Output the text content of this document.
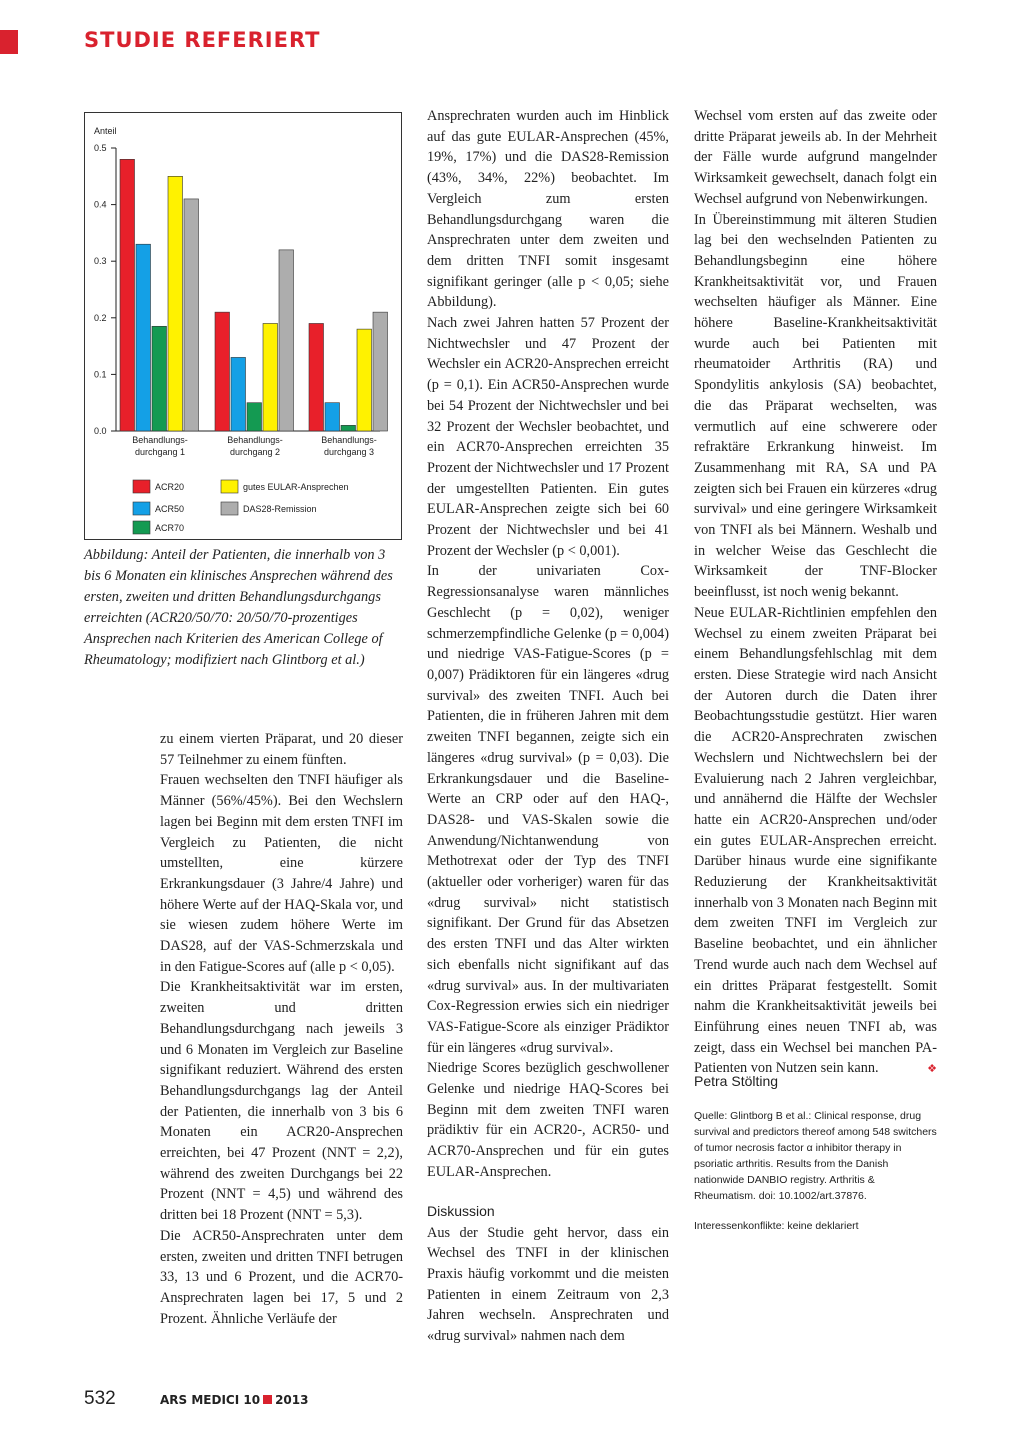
STUDIE REFERIERT
Anteil
0.0
0.1
0.2
0.3
0.4
0.5
Behandlungs-
durchgang 1
Behandlungs-
durchgang 2
Behandlungs-
durchgang 3
ACR20
ACR50
ACR70
gutes EULAR-Ansprechen
DAS28-Remission
Abbildung: Anteil der Patienten, die innerhalb von 3 bis 6 Monaten ein klinisches Ansprechen während des ersten, zweiten und dritten Behandlungsdurchgangs erreichten (ACR20/50/70: 20/50/70-prozentiges Ansprechen nach Kriterien des American College of Rheumatology; modifiziert nach Glintborg et al.)

zu einem vierten Präparat, und 20 dieser 57 Teilnehmer zu einem fünften.

Frauen wechselten den TNFI häufiger als Männer (56%/45%). Bei den Wechslern lagen bei Beginn mit dem ersten TNFI im Vergleich zu Patienten, die nicht umstellten, eine kürzere Erkrankungsdauer (3 Jahre/4 Jahre) und höhere Werte auf der HAQ-Skala vor, und sie wiesen zudem höhere Werte im DAS28, auf der VAS-Schmerzskala und in den Fatigue-Scores auf (alle p < 0,05).

Die Krankheitsaktivität war im ersten, zweiten und dritten Behandlungsdurchgang nach jeweils 3 und 6 Monaten im Vergleich zur Baseline signifikant reduziert. Während des ersten Behandlungsdurchgangs lag der Anteil der Patienten, die innerhalb von 3 bis 6 Monaten ein ACR20-Ansprechen erreichten, bei 47 Prozent (NNT = 2,2), während des zweiten Durchgangs bei 22 Prozent (NNT = 4,5) und während des dritten bei 18 Prozent (NNT = 5,3).

Die ACR50-Ansprechraten unter dem ersten, zweiten und dritten TNFI betrugen 33, 13 und 6 Prozent, und die ACR70-Ansprechraten lagen bei 17, 5 und 2 Prozent. Ähnliche Verläufe der

Ansprechraten wurden auch im Hinblick auf das gute EULAR-Ansprechen (45%, 19%, 17%) und die DAS28-Remission (43%, 34%, 22%) beobachtet. Im Vergleich zum ersten Behandlungsdurchgang waren die Ansprechraten unter dem zweiten und dem dritten TNFI somit insgesamt signifikant geringer (alle p < 0,05; siehe Abbildung).

Nach zwei Jahren hatten 57 Prozent der Nichtwechsler und 47 Prozent der Wechsler ein ACR20-Ansprechen erreicht (p = 0,1). Ein ACR50-Ansprechen wurde bei 54 Prozent der Nichtwechsler und bei 32 Prozent der Wechsler beobachtet, und ein ACR70-Ansprechen erreichten 35 Prozent der Nichtwechsler und 17 Prozent der umgestellten Patienten. Ein gutes EULAR-Ansprechen zeigte sich bei 60 Prozent der Nichtwechsler und bei 41 Prozent der Wechsler (p < 0,001).

In der univariaten Cox-Regressionsanalyse waren männliches Geschlecht (p = 0,02), weniger schmerzempfindliche Gelenke (p = 0,004) und niedrige VAS-Fatigue-Scores (p = 0,007) Prädiktoren für ein längeres «drug survival» des zweiten TNFI. Auch bei Patienten, die in früheren Jahren mit dem zweiten TNFI begannen, zeigte sich ein längeres «drug survival» (p = 0,03). Die Erkrankungsdauer und die Baseline-Werte an CRP oder auf den HAQ-, DAS28- und VAS-Skalen sowie die Anwendung/Nichtanwendung von Methotrexat oder der Typ des TNFI (aktueller oder vorheriger) waren für das «drug survival» nicht statistisch signifikant. Der Grund für das Absetzen des ersten TNFI und das Alter wirkten sich ebenfalls nicht signifikant auf das «drug survival» aus. In der multivariaten Cox-Regression erwies sich ein niedriger VAS-Fatigue-Score als einziger Prädiktor für ein längeres «drug survival».

Niedrige Scores bezüglich geschwollener Gelenke und niedrige HAQ-Scores bei Beginn mit dem zweiten TNFI waren prädiktiv für ein ACR20-, ACR50- und ACR70-Ansprechen und für ein gutes EULAR-Ansprechen.

Diskussion

Aus der Studie geht hervor, dass ein Wechsel des TNFI in der klinischen Praxis häufig vorkommt und die meisten Patienten in einem Zeitraum von 2,3 Jahren wechseln. Ansprechraten und «drug survival» nahmen nach dem

Wechsel vom ersten auf das zweite oder dritte Präparat jeweils ab. In der Mehrheit der Fälle wurde aufgrund mangelnder Wirksamkeit gewechselt, danach folgt ein Wechsel aufgrund von Nebenwirkungen.

In Übereinstimmung mit älteren Studien lag bei den wechselnden Patienten zu Behandlungsbeginn eine höhere Krankheitsaktivität vor, und Frauen wechselten häufiger als Männer. Eine höhere Baseline-Krankheitsaktivität wurde auch bei Patienten mit rheumatoider Arthritis (RA) und Spondylitis ankylosis (SA) beobachtet, die das Präparat wechselten, was vermutlich auf eine schwerere oder refraktäre Erkrankung hinweist. Im Zusammenhang mit RA, SA und PA zeigten sich bei Frauen ein kürzeres «drug survival» und eine geringere Wirksamkeit von TNFI als bei Männern. Weshalb und in welcher Weise das Geschlecht die Wirksamkeit der TNF-Blocker beeinflusst, ist noch wenig bekannt.

Neue EULAR-Richtlinien empfehlen den Wechsel zu einem zweiten Präparat bei einem Behandlungsfehlschlag mit dem ersten. Diese Strategie wird nach Ansicht der Autoren durch die Daten ihrer Beobachtungsstudie gestützt. Hier waren die ACR20-Ansprechraten zwischen Wechslern und Nichtwechslern bei der Evaluierung nach 2 Jahren vergleichbar, und annähernd die Hälfte der Wechsler hatte ein ACR20-Ansprechen und/oder ein gutes EULAR-Ansprechen erreicht. Darüber hinaus wurde eine signifikante Reduzierung der Krankheitsaktivität innerhalb von 3 Monaten nach Beginn mit dem zweiten TNFI im Vergleich zur Baseline beobachtet, und ein ähnlicher Trend wurde auch nach dem Wechsel auf ein drittes Präparat festgestellt. Somit nahm die Krankheitsaktivität jeweils bei Einführung eines neuen TNFI ab, was zeigt, dass ein Wechsel bei manchen PA-Patienten von Nutzen sein kann.	❖

Petra Stölting

Quelle: Glintborg B et al.: Clinical response, drug survival and predictors thereof among 548 switchers of tumor necrosis factor α inhibitor therapy in psoriatic arthritis. Results from the Danish nationwide DANBIO registry. Arthritis & Rheumatism. doi: 10.1002/art.37876.

Interessenkonflikte: keine deklariert

532	ARS MEDICI 10 2013
